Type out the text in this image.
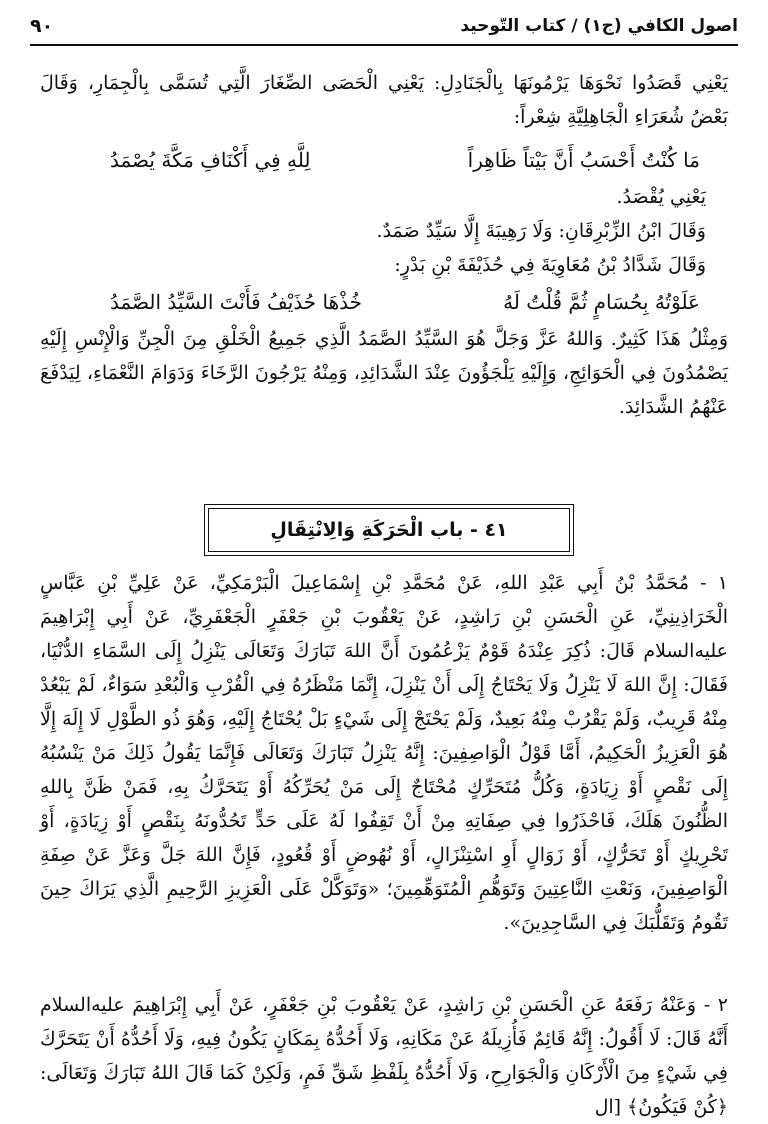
اصول الكافي (ج١) / كتاب التّوحيد
٩٠

يَعْنِي قَصَدُوا نَحْوَهَا يَرْمُونَهَا بِالْجَنَادِلِ: يَعْنِي الْحَصَى الصِّغَارَ الَّتِي تُسَمَّى بِالْجِمَارِ، وَقَالَ بَعْضُ شُعَرَاءِ الْجَاهِلِيَّةِ شِعْراً:

مَا كُنْتُ أَحْسَبُ أَنَّ بَيْتاً ظَاهِراً
لِلَّهِ فِي أَكْنَافِ مَكَّةَ يُصْمَدُ

يَعْنِي يُقْصَدُ.

وَقَالَ ابْنُ الزِّبْرِقَانِ: وَلَا رَهِيبَةَ إِلَّا سَيِّدٌ صَمَدٌ.

وَقَالَ شَدَّادُ بْنُ مُعَاوِيَةَ فِي حُذَيْفَةَ بْنِ بَدْرٍ:

عَلَوْتُهُ بِحُسَامٍ ثُمَّ قُلْتُ لَهُ
خُذْهَا حُذَيْفُ فَأَنْتَ السَّيِّدُ الصَّمَدُ

وَمِثْلُ هَذَا كَثِيرٌ. وَاللهُ عَزَّ وَجَلَّ هُوَ السَّيِّدُ الصَّمَدُ الَّذِي جَمِيعُ الْخَلْقِ مِنَ الْجِنِّ وَالْإِنْسِ إِلَيْهِ يَصْمُدُونَ فِي الْحَوَائِجِ، وَإِلَيْهِ يَلْجَؤُونَ عِنْدَ الشَّدَائِدِ، وَمِنْهُ يَرْجُونَ الرَّخَاءَ وَدَوَامَ النَّعْمَاءِ، لِيَدْفَعَ عَنْهُمُ الشَّدَائِدَ.

٤١ - باب الْحَرَكَةِ وَالِانْتِقَالِ

١ - مُحَمَّدُ بْنُ أَبِي عَبْدِ اللهِ، عَنْ مُحَمَّدِ بْنِ إِسْمَاعِيلَ الْبَرْمَكِيِّ، عَنْ عَلِيِّ بْنِ عَبَّاسٍ الْخَرَاذِينِيِّ، عَنِ الْحَسَنِ بْنِ رَاشِدٍ، عَنْ يَعْقُوبَ بْنِ جَعْفَرٍ الْجَعْفَرِيِّ، عَنْ أَبِي إِبْرَاهِيمَ عليه‌السلام قَالَ: ذُكِرَ عِنْدَهُ قَوْمٌ يَزْعُمُونَ أَنَّ اللهَ تَبَارَكَ وَتَعَالَى يَنْزِلُ إِلَى السَّمَاءِ الدُّنْيَا، فَقَالَ: إِنَّ اللهَ لَا يَنْزِلُ وَلَا يَحْتَاجُ إِلَى أَنْ يَنْزِلَ، إِنَّمَا مَنْظَرُهُ فِي الْقُرْبِ وَالْبُعْدِ سَوَاءٌ، لَمْ يَبْعُدْ مِنْهُ قَرِيبٌ، وَلَمْ يَقْرُبْ مِنْهُ بَعِيدٌ، وَلَمْ يَحْتَجْ إِلَى شَيْءٍ بَلْ يُحْتَاجُ إِلَيْهِ، وَهُوَ ذُو الطَّوْلِ لَا إِلَهَ إِلَّا هُوَ الْعَزِيزُ الْحَكِيمُ، أَمَّا قَوْلُ الْوَاصِفِينَ: إِنَّهُ يَنْزِلُ تَبَارَكَ وَتَعَالَى فَإِنَّمَا يَقُولُ ذَلِكَ مَنْ يَنْسُبُهُ إِلَى نَقْصٍ أَوْ زِيَادَةٍ، وَكُلُّ مُتَحَرِّكٍ مُحْتَاجٌ إِلَى مَنْ يُحَرِّكُهُ أَوْ يَتَحَرَّكُ بِهِ، فَمَنْ ظَنَّ بِاللهِ الظُّنُونَ هَلَكَ، فَاحْذَرُوا فِي صِفَاتِهِ مِنْ أَنْ تَقِفُوا لَهُ عَلَى حَدٍّ تَحُدُّونَهُ بِنَقْصٍ أَوْ زِيَادَةٍ، أَوْ تَحْرِيكٍ أَوْ تَحَرُّكٍ، أَوْ زَوَالٍ أَوِ اسْتِنْزَالٍ، أَوْ نُهُوضٍ أَوْ قُعُودٍ، فَإِنَّ اللهَ جَلَّ وَعَزَّ عَنْ صِفَةِ الْوَاصِفِينَ، وَنَعْتِ النَّاعِتِينَ وَتَوَهُّمِ الْمُتَوَهِّمِينَ؛ «وَتَوَكَّلْ عَلَى الْعَزِيزِ الرَّحِيمِ الَّذِي يَرَاكَ حِينَ تَقُومُ وَتَقَلُّبَكَ فِي السَّاجِدِينَ».

٢ - وَعَنْهُ رَفَعَهُ عَنِ الْحَسَنِ بْنِ رَاشِدٍ، عَنْ يَعْقُوبَ بْنِ جَعْفَرٍ، عَنْ أَبِي إِبْرَاهِيمَ عليه‌السلام أَنَّهُ قَالَ: لَا أَقُولُ: إِنَّهُ قَائِمٌ فَأُزِيلَهُ عَنْ مَكَانِهِ، وَلَا أَحُدُّهُ بِمَكَانٍ يَكُونُ فِيهِ، وَلَا أَحُدُّهُ أَنْ يَتَحَرَّكَ فِي شَيْءٍ مِنَ الْأَرْكَانِ وَالْجَوَارِحِ، وَلَا أَحُدُّهُ بِلَفْظِ شَقِّ فَمٍ، وَلَكِنْ كَمَا قَالَ اللهُ تَبَارَكَ وَتَعَالَى: ﴿كُنْ فَيَكُونُ﴾ [ال
